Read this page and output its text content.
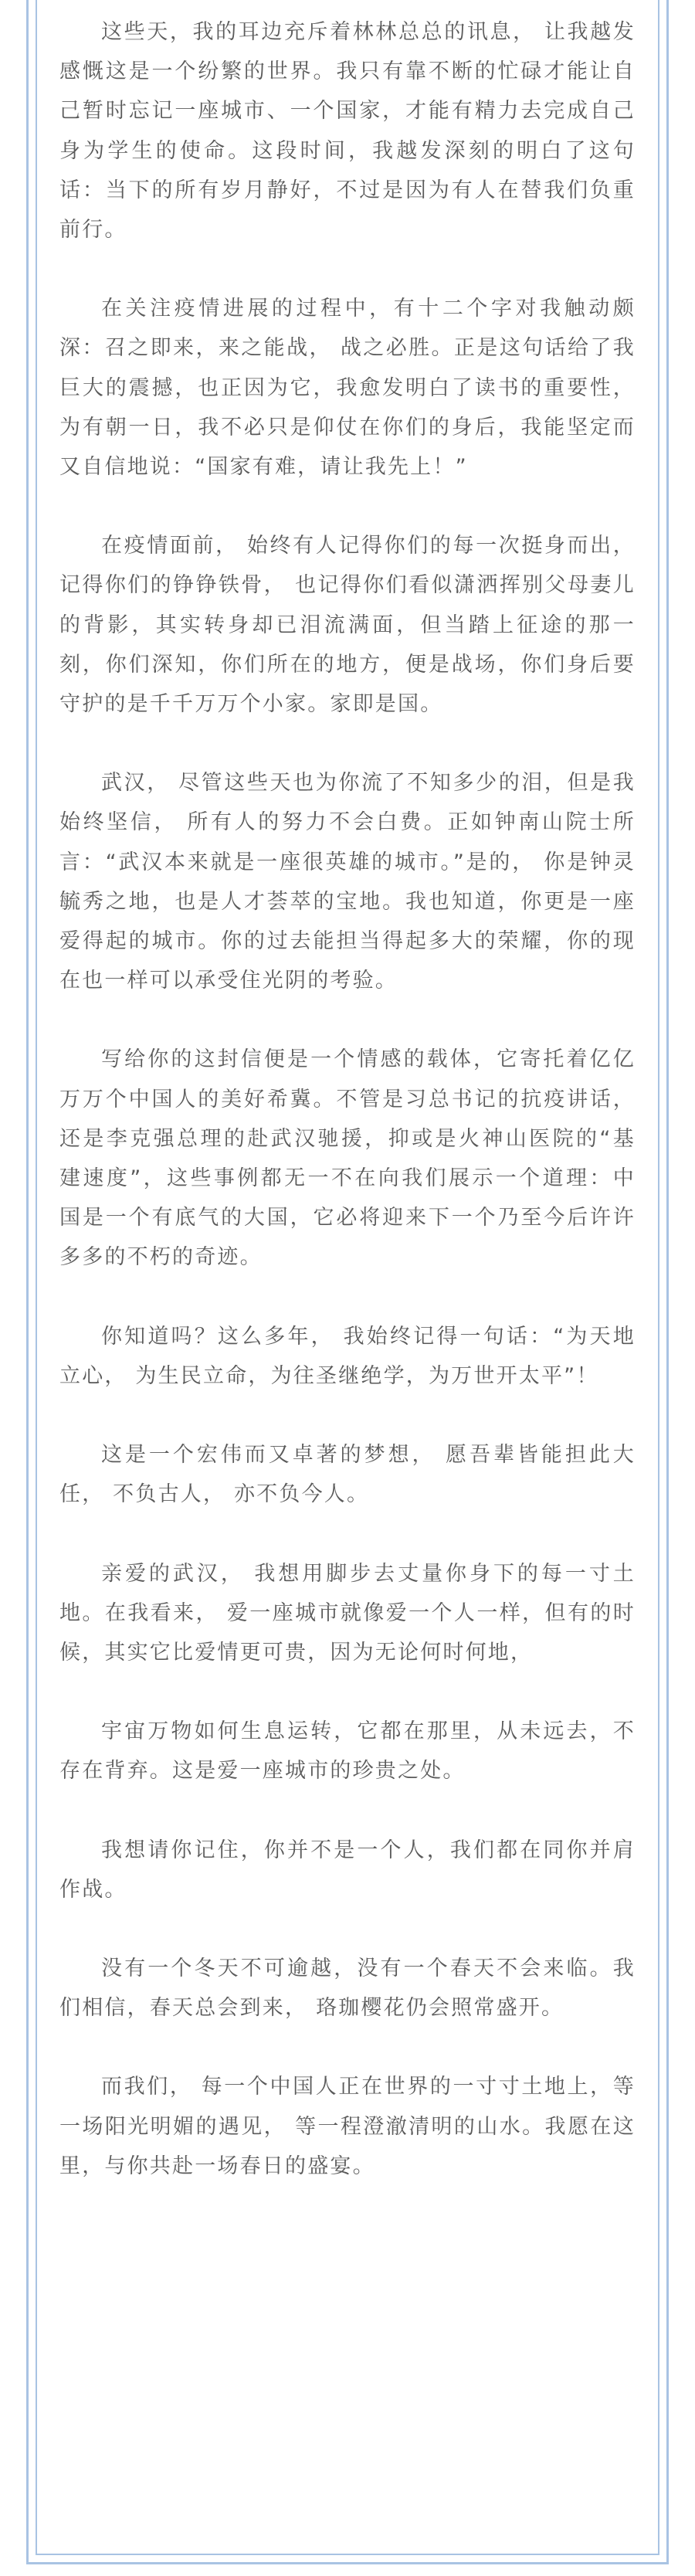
这些天，我的耳边充斥着林林总总的讯息， 让我越发感慨这是一个纷繁的世界。我只有靠不断的忙碌才能让自己暂时忘记一座城市、一个国家，才能有精力去完成自己身为学生的使命。这段时间，我越发深刻的明白了这句话：当下的所有岁月静好，不过是因为有人在替我们负重前行。

在关注疫情进展的过程中，有十二个字对我触动颇深：召之即来，来之能战， 战之必胜。正是这句话给了我巨大的震撼，也正因为它，我愈发明白了读书的重要性，为有朝一日，我不必只是仰仗在你们的身后，我能坚定而又自信地说：“国家有难，请让我先上！”

在疫情面前， 始终有人记得你们的每一次挺身而出， 记得你们的铮铮铁骨， 也记得你们看似潇洒挥别父母妻儿的背影，其实转身却已泪流满面，但当踏上征途的那一刻，你们深知，你们所在的地方，便是战场，你们身后要守护的是千千万万个小家。家即是国。

武汉， 尽管这些天也为你流了不知多少的泪，但是我始终坚信， 所有人的努力不会白费。正如钟南山院士所言：“武汉本来就是一座很英雄的城市。”是的， 你是钟灵毓秀之地，也是人才荟萃的宝地。我也知道，你更是一座爱得起的城市。你的过去能担当得起多大的荣耀，你的现在也一样可以承受住光阴的考验。

写给你的这封信便是一个情感的载体，它寄托着亿亿万万个中国人的美好希冀。不管是习总书记的抗疫讲话，还是李克强总理的赴武汉驰援，抑或是火神山医院的“基建速度”，这些事例都无一不在向我们展示一个道理：中国是一个有底气的大国，它必将迎来下一个乃至今后许许多多的不朽的奇迹。

你知道吗？这么多年， 我始终记得一句话：“为天地立心， 为生民立命，为往圣继绝学，为万世开太平”！

这是一个宏伟而又卓著的梦想， 愿吾辈皆能担此大任， 不负古人， 亦不负今人。

亲爱的武汉， 我想用脚步去丈量你身下的每一寸土地。在我看来， 爱一座城市就像爱一个人一样，但有的时候，其实它比爱情更可贵，因为无论何时何地，

宇宙万物如何生息运转，它都在那里，从未远去，不存在背弃。这是爱一座城市的珍贵之处。

我想请你记住，你并不是一个人，我们都在同你并肩作战。

没有一个冬天不可逾越，没有一个春天不会来临。我们相信，春天总会到来， 珞珈樱花仍会照常盛开。

而我们， 每一个中国人正在世界的一寸寸土地上，等一场阳光明媚的遇见， 等一程澄澈清明的山水。我愿在这里，与你共赴一场春日的盛宴。
